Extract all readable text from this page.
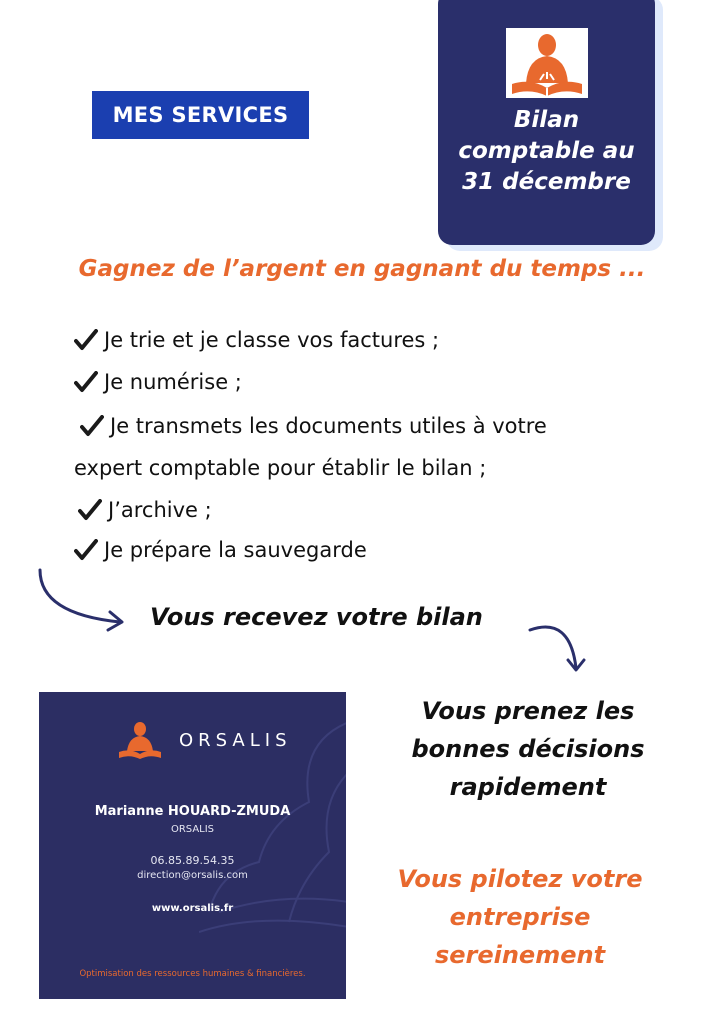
MES SERVICES	Bilan
comptable au
31 décembre
Gagnez de l’argent en gagnant du temps ...
Je trie et je classe vos factures ;
Je numérise ;
Je transmets les documents utiles à votre
expert comptable pour établir le bilan ;
J’archive ;
Je prépare la sauvegarde
Vous recevez votre bilan
ORSALIS
Marianne HOUARD-ZMUDA
ORSALIS
06.85.89.54.35
direction@orsalis.com
www.orsalis.fr
Optimisation des ressources humaines & financières.
Vous prenez les
bonnes décisions
rapidement
Vous pilotez votre
entreprise
sereinement
